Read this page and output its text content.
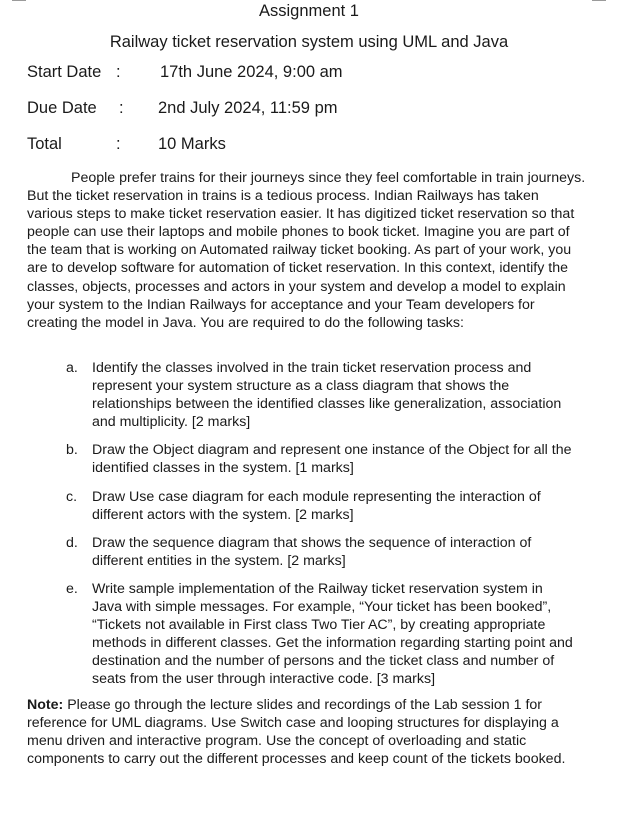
Assignment 1
Railway ticket reservation system using UML and Java
Start Date : 17th June 2024, 9:00 am
Due Date : 2nd July 2024, 11:59 pm
Total	: 10 Marks

People prefer trains for their journeys since they feel comfortable in train journeys. But the ticket reservation in trains is a tedious process. Indian Railways has taken various steps to make ticket reservation easier. It has digitized ticket reservation so that people can use their laptops and mobile phones to book ticket. Imagine you are part of the team that is working on Automated railway ticket booking. As part of your work, you are to develop software for automation of ticket reservation. In this context, identify the classes, objects, processes and actors in your system and develop a model to explain your system to the Indian Railways for acceptance and your Team developers for creating the model in Java. You are required to do the following tasks:

a. Identify the classes involved in the train ticket reservation process and represent your system structure as a class diagram that shows the relationships between the identified classes like generalization, association and multiplicity. [2 marks]
b. Draw the Object diagram and represent one instance of the Object for all the identified classes in the system. [1 marks]
c. Draw Use case diagram for each module representing the interaction of different actors with the system. [2 marks]
d. Draw the sequence diagram that shows the sequence of interaction of different entities in the system. [2 marks]
e. Write sample implementation of the Railway ticket reservation system in Java with simple messages. For example, “Your ticket has been booked”, “Tickets not available in First class Two Tier AC”, by creating appropriate methods in different classes. Get the information regarding starting point and destination and the number of persons and the ticket class and number of seats from the user through interactive code. [3 marks]

Note: Please go through the lecture slides and recordings of the Lab session 1 for reference for UML diagrams. Use Switch case and looping structures for displaying a menu driven and interactive program. Use the concept of overloading and static components to carry out the different processes and keep count of the tickets booked.
